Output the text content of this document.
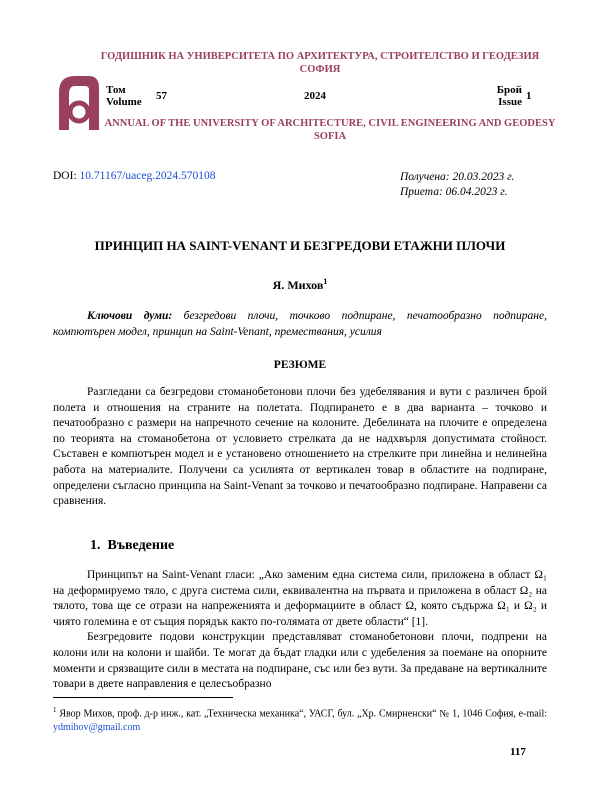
ГОДИШНИК НА УНИВЕРСИТЕТА ПО АРХИТЕКТУРА, СТРОИТЕЛСТВО И ГЕОДЕЗИЯ СОФИЯ
Том
Volume 57	2024	Брой
Issue 1
ANNUAL OF THE UNIVERSITY OF ARCHITECTURE, CIVIL ENGINEERING AND GEODESY SOFIA
DOI: 10.71167/uaceg.2024.570108	Получена: 20.03.2023 г.
Приета: 06.04.2023 г.
ПРИНЦИП НА SAINT-VENANT И БЕЗГРЕДОВИ ЕТАЖНИ ПЛОЧИ
Я. Михов$^1$
Ключови думи: безгредови плочи, точково подпиране, печатообразно подпиране, компютърен модел, принцип на Saint-Venant, премествания, усилия
РЕЗЮМЕ

Разгледани са безгредови стоманобетонови плочи без удебелявания и вути с различен брой полета и отношения на страните на полетата. Подпирането е в два варианта – точково и печатообразно с размери на напречното сечение на колоните. Дебелината на плочите е определена по теорията на стоманобетона от условието стрелката да не надхвърля допустимата стойност. Съставен е компютърен модел и е установено отношението на стрелките при линейна и нелинейна работа на материалите. Получени са усилията от вертикален товар в областите на подпиране, определени съгласно принципа на Saint-Venant за точково и печатообразно подпиране. Направени са сравнения.

1. Въведение

Принципът на Saint-Venant гласи: „Ако заменим една система сили, приложена в област Ω₁ на деформируемо тяло, с друга система сили, еквивалентна на първата и приложена в област Ω₂ на тялото, това ще се отрази на напреженията и деформациите в област Ω, която съдържа Ω₁ и Ω₂ и чиято големина е от същия порядък както по-голямата от двете области“ [1].

Безгредовите подови конструкции представляват стоманобетонови плочи, подпрени на колони или на колони и шайби. Те могат да бъдат гладки или с удебеления за поемане на опорните моменти и срязващите сили в местата на подпиране, със или без вути. За предаване на вертикалните товари в двете направления е целесъобразно

$^1$ Явор Михов, проф. д-р инж., кат. „Техническа механика“, УАСГ, бул. „Хр. Смирненски“ № 1, 1046 София, e-mail: ydmihov@gmail.com
117
